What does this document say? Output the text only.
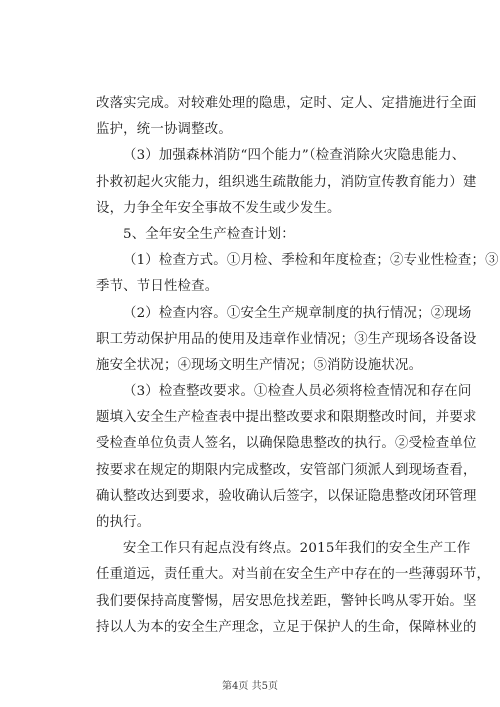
改落实完成。对较难处理的隐患，定时、定人、定措施进行全面
监护，统一协调整改。
（3）加强森林消防“四个能力”（检查消除火灾隐患能力、
扑救初起火灾能力，组织逃生疏散能力，消防宣传教育能力）建
设，力争全年安全事故不发生或少发生。
5、全年安全生产检查计划：
（1）检查方式。①月检、季检和年度检查；②专业性检查；③
季节、节日性检查。
（2）检查内容。①安全生产规章制度的执行情况；②现场
职工劳动保护用品的使用及违章作业情况；③生产现场各设备设
施安全状况；④现场文明生产情况；⑤消防设施状况。
（3）检查整改要求。①检查人员必须将检查情况和存在问
题填入安全生产检查表中提出整改要求和限期整改时间，并要求
受检查单位负责人签名，以确保隐患整改的执行。②受检查单位
按要求在规定的期限内完成整改，安管部门须派人到现场查看，
确认整改达到要求，验收确认后签字，以保证隐患整改闭环管理
的执行。
安全工作只有起点没有终点。2015年我们的安全生产工作
任重道远，责任重大。对当前在安全生产中存在的一些薄弱环节，
我们要保持高度警惕，居安思危找差距，警钟长鸣从零开始。坚
持以人为本的安全生产理念，立足于保护人的生命，保障林业的
第4页 共5页
